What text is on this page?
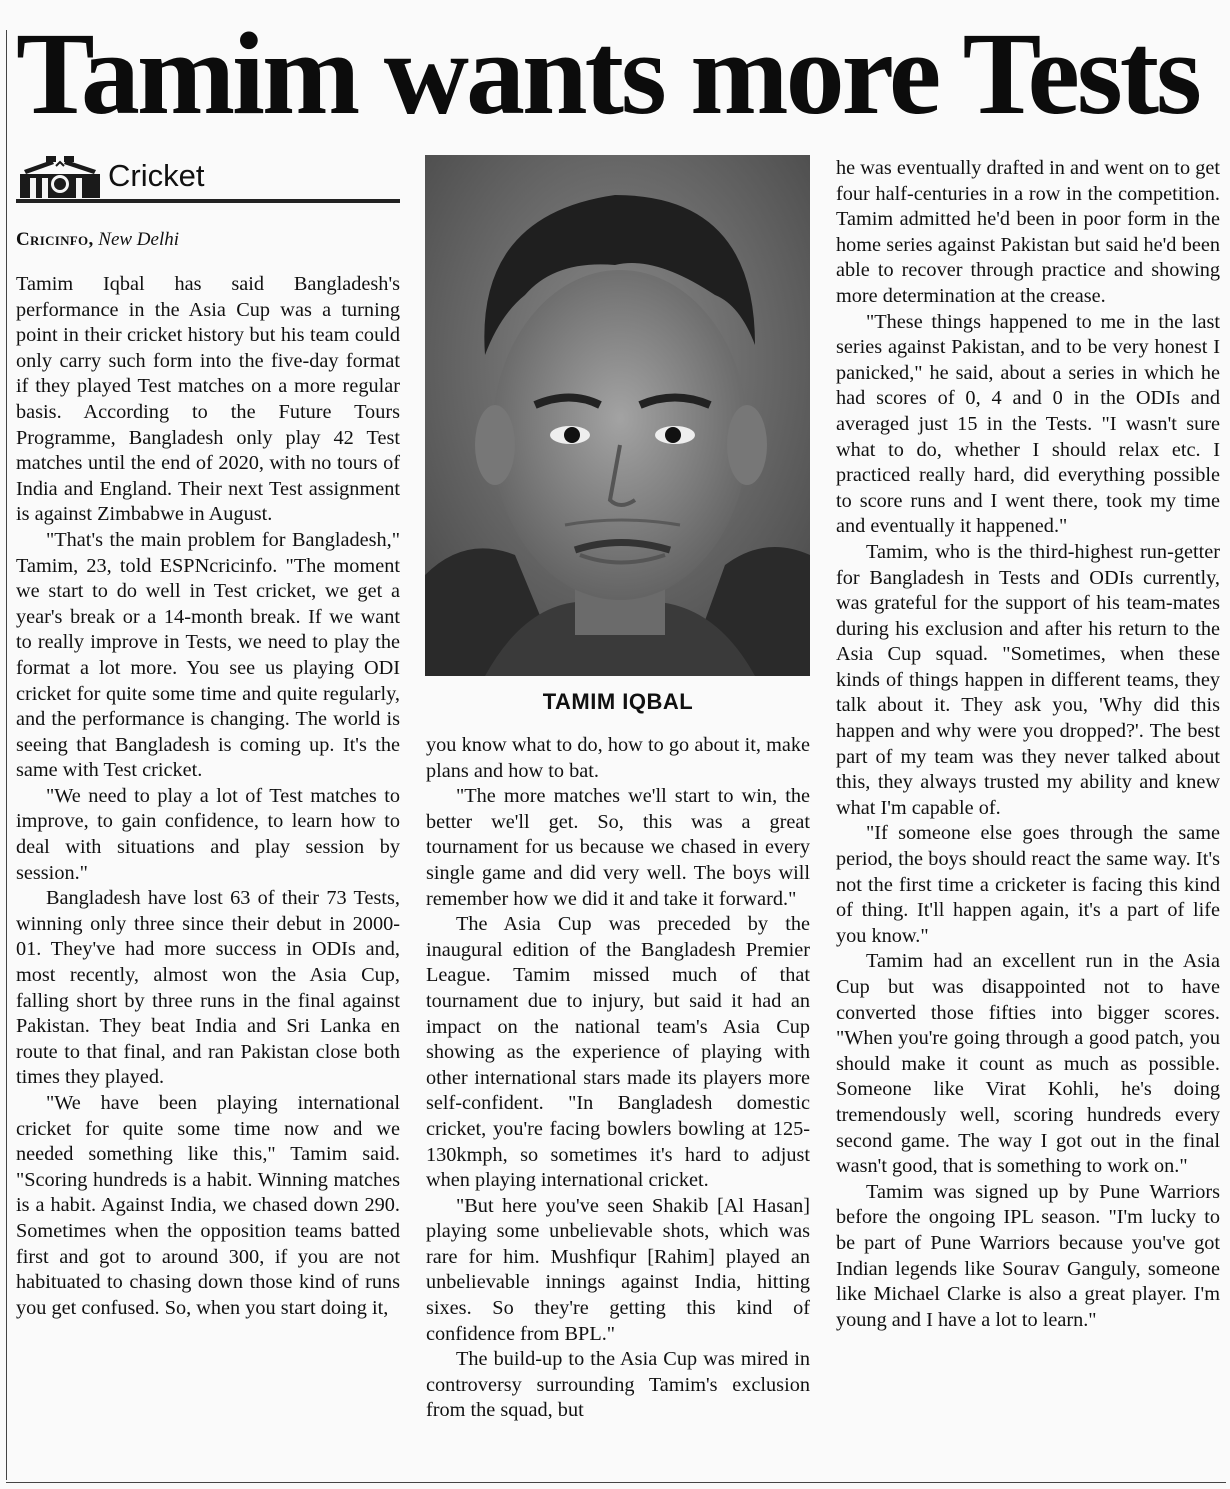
Tamim wants more Tests
Cricket
Cricinfo, New Delhi

Tamim Iqbal has said Bangladesh's performance in the Asia Cup was a turning point in their cricket history but his team could only carry such form into the five-day format if they played Test matches on a more regular basis. According to the Future Tours Programme, Bangladesh only play 42 Test matches until the end of 2020, with no tours of India and England. Their next Test assignment is against Zimbabwe in August.

"That's the main problem for Bangladesh," Tamim, 23, told ESPNcricinfo. "The moment we start to do well in Test cricket, we get a year's break or a 14-month break. If we want to really improve in Tests, we need to play the format a lot more. You see us playing ODI cricket for quite some time and quite regularly, and the performance is changing. The world is seeing that Bangladesh is coming up. It's the same with Test cricket.

"We need to play a lot of Test matches to improve, to gain confidence, to learn how to deal with situations and play session by session."

Bangladesh have lost 63 of their 73 Tests, winning only three since their debut in 2000-01. They've had more success in ODIs and, most recently, almost won the Asia Cup, falling short by three runs in the final against Pakistan. They beat India and Sri Lanka en route to that final, and ran Pakistan close both times they played.

"We have been playing international cricket for quite some time now and we needed something like this," Tamim said. "Scoring hundreds is a habit. Winning matches is a habit. Against India, we chased down 290. Sometimes when the opposition teams batted first and got to around 300, if you are not habituated to chasing down those kind of runs you get confused. So, when you start doing it,

TAMIM IQBAL

you know what to do, how to go about it, make plans and how to bat.

"The more matches we'll start to win, the better we'll get. So, this was a great tournament for us because we chased in every single game and did very well. The boys will remember how we did it and take it forward."

The Asia Cup was preceded by the inaugural edition of the Bangladesh Premier League. Tamim missed much of that tournament due to injury, but said it had an impact on the national team's Asia Cup showing as the experience of playing with other international stars made its players more self-confident. "In Bangladesh domestic cricket, you're facing bowlers bowling at 125-130kmph, so sometimes it's hard to adjust when playing international cricket.

"But here you've seen Shakib [Al Hasan] playing some unbelievable shots, which was rare for him. Mushfiqur [Rahim] played an unbelievable innings against India, hitting sixes. So they're getting this kind of confidence from BPL."

The build-up to the Asia Cup was mired in controversy surrounding Tamim's exclusion from the squad, but

he was eventually drafted in and went on to get four half-centuries in a row in the competition. Tamim admitted he'd been in poor form in the home series against Pakistan but said he'd been able to recover through practice and showing more determination at the crease.

"These things happened to me in the last series against Pakistan, and to be very honest I panicked," he said, about a series in which he had scores of 0, 4 and 0 in the ODIs and averaged just 15 in the Tests. "I wasn't sure what to do, whether I should relax etc. I practiced really hard, did everything possible to score runs and I went there, took my time and eventually it happened."

Tamim, who is the third-highest run-getter for Bangladesh in Tests and ODIs currently, was grateful for the support of his team-mates during his exclusion and after his return to the Asia Cup squad. "Sometimes, when these kinds of things happen in different teams, they talk about it. They ask you, 'Why did this happen and why were you dropped?'. The best part of my team was they never talked about this, they always trusted my ability and knew what I'm capable of.

"If someone else goes through the same period, the boys should react the same way. It's not the first time a cricketer is facing this kind of thing. It'll happen again, it's a part of life you know."

Tamim had an excellent run in the Asia Cup but was disappointed not to have converted those fifties into bigger scores. "When you're going through a good patch, you should make it count as much as possible. Someone like Virat Kohli, he's doing tremendously well, scoring hundreds every second game. The way I got out in the final wasn't good, that is something to work on."

Tamim was signed up by Pune Warriors before the ongoing IPL season. "I'm lucky to be part of Pune Warriors because you've got Indian legends like Sourav Ganguly, someone like Michael Clarke is also a great player. I'm young and I have a lot to learn."
